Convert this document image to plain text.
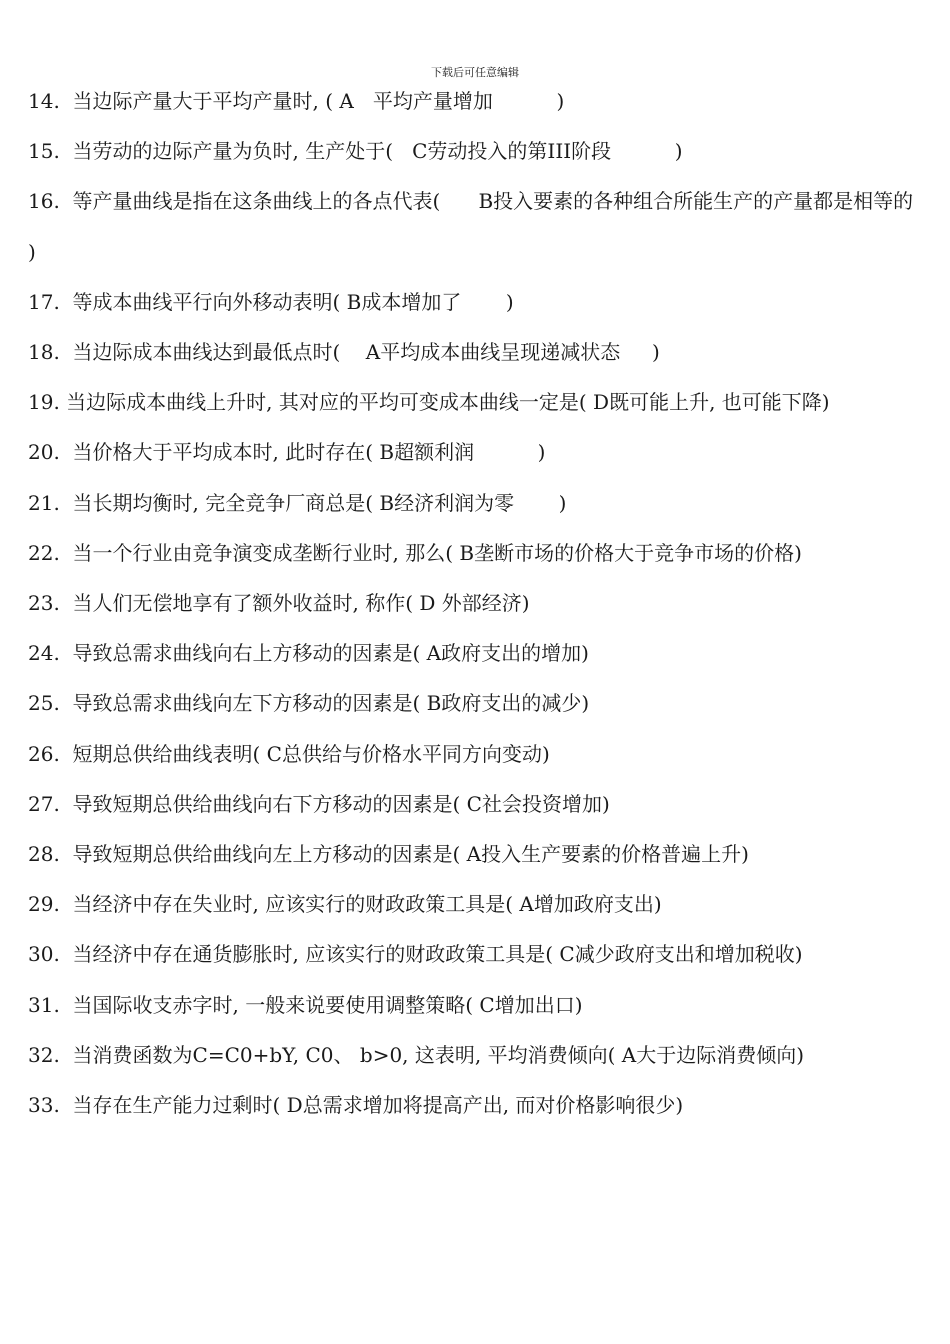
下载后可任意编辑

14.  当边际产量大于平均产量时, ( A   平均产量增加          )

15.  当劳动的边际产量为负时, 生产处于(   C劳动投入的第III阶段          )

16.  等产量曲线是指在这条曲线上的各点代表(      B投入要素的各种组合所能生产的产量都是相等的    )

17.  等成本曲线平行向外移动表明( B成本增加了       )

18.  当边际成本曲线达到最低点时(    A平均成本曲线呈现递减状态     )

19. 当边际成本曲线上升时, 其对应的平均可变成本曲线一定是( D既可能上升, 也可能下降)

20.  当价格大于平均成本时, 此时存在( B超额利润          )

21.  当长期均衡时, 完全竞争厂商总是( B经济利润为零       )

22.  当一个行业由竞争演变成垄断行业时, 那么( B垄断市场的价格大于竞争市场的价格)

23.  当人们无偿地享有了额外收益时, 称作( D 外部经济)

24.  导致总需求曲线向右上方移动的因素是( A政府支出的增加)

25.  导致总需求曲线向左下方移动的因素是( B政府支出的减少)

26.  短期总供给曲线表明( C总供给与价格水平同方向变动)

27.  导致短期总供给曲线向右下方移动的因素是( C社会投资增加)

28.  导致短期总供给曲线向左上方移动的因素是( A投入生产要素的价格普遍上升)

29.  当经济中存在失业时, 应该实行的财政政策工具是( A增加政府支出)

30.  当经济中存在通货膨胀时, 应该实行的财政政策工具是( C减少政府支出和增加税收)

31.  当国际收支赤字时, 一般来说要使用调整策略( C增加出口)

32.  当消费函数为C=C0+bY, C0、 b>0, 这表明, 平均消费倾向( A大于边际消费倾向)

33.  当存在生产能力过剩时( D总需求增加将提高产出, 而对价格影响很少)
